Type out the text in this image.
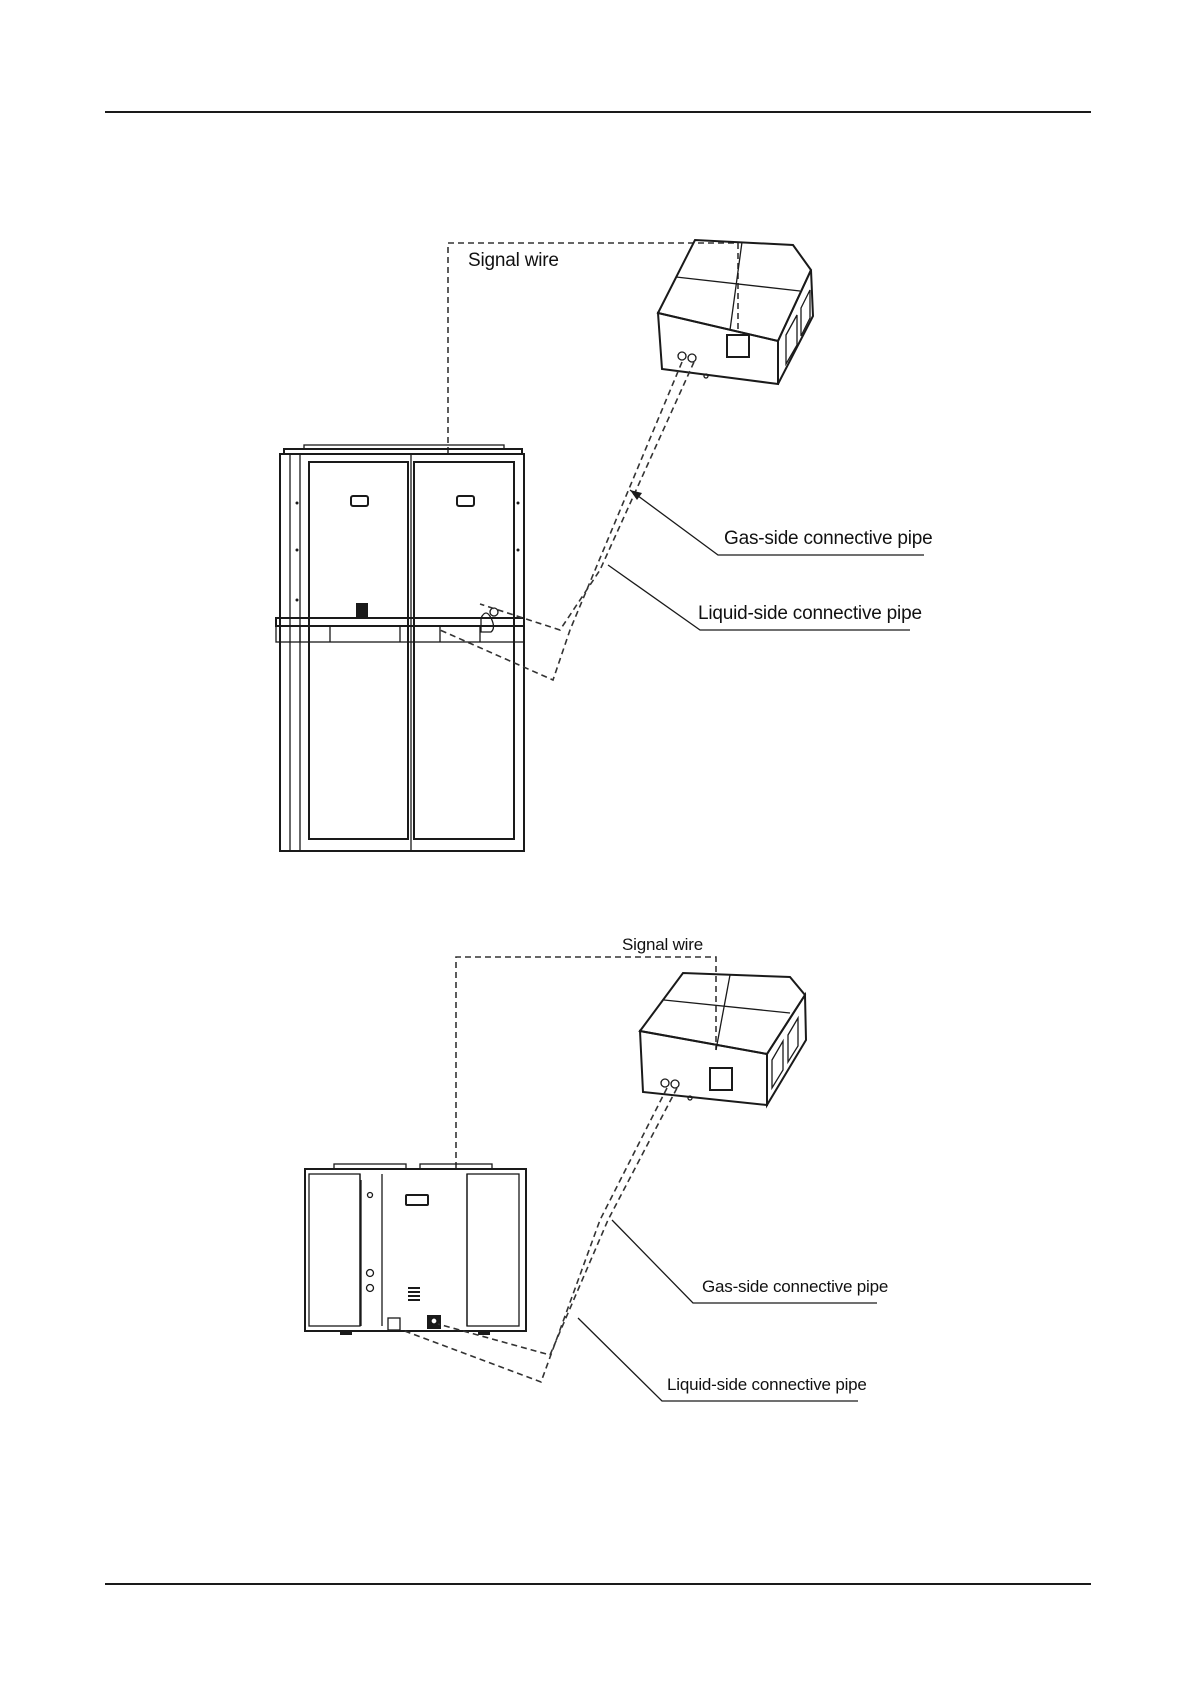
Signal wire
Gas-side connective pipe
Liquid-side connective pipe
Signal wire
Gas-side connective pipe
Liquid-side connective pipe
